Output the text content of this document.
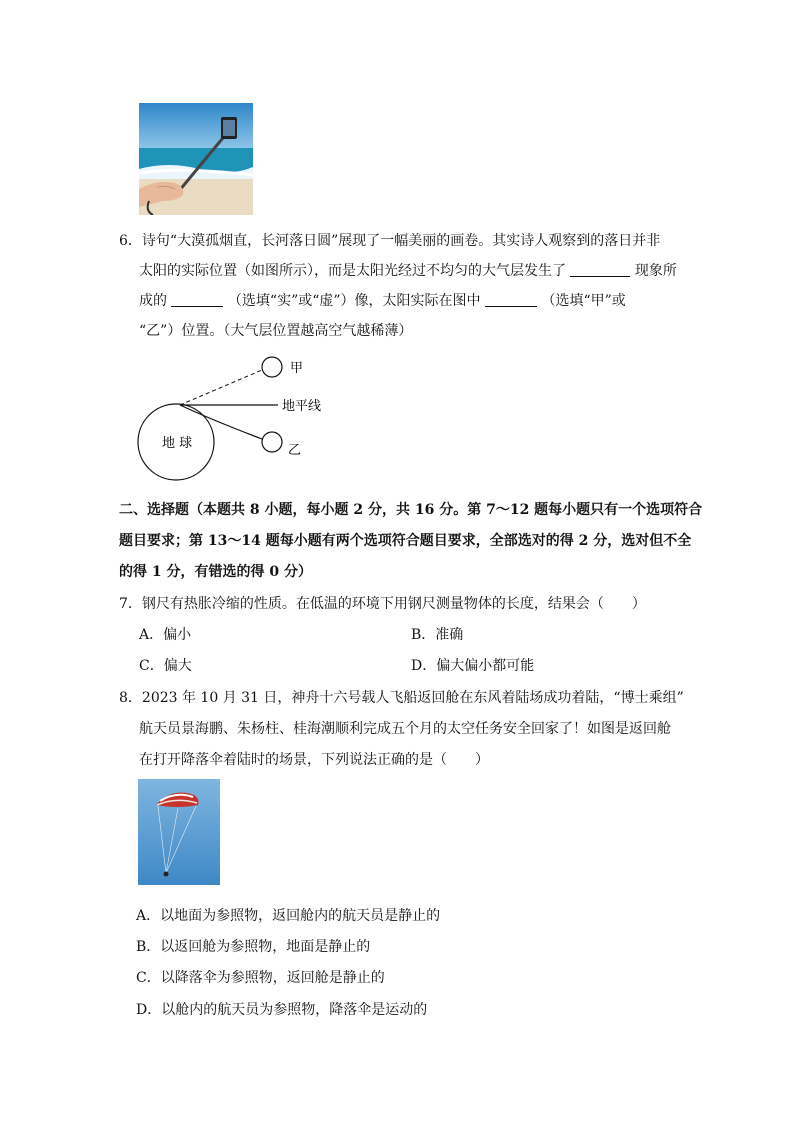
6．诗句“大漠孤烟直，长河落日圆”展现了一幅美丽的画卷。其实诗人观察到的落日并非
太阳的实际位置（如图所示），而是太阳光经过不均匀的大气层发生了	现象所
成的	（选填“实”或“虚”）像，太阳实际在图中	（选填“甲”或
“乙”）位置。（大气层位置越高空气越稀薄）
甲
地平线
乙
地 球
二、选择题（本题共 8 小题，每小题 2 分，共 16 分。第 7～12 题每小题只有一个选项符合
题目要求；第 13～14 题每小题有两个选项符合题目要求，全部选对的得 2 分，选对但不全
的得 1 分，有错选的得 0 分）
7．钢尺有热胀冷缩的性质。在低温的环境下用钢尺测量物体的长度，结果会（　　）
A．偏小	B．准确
C．偏大	D．偏大偏小都可能
8．2023 年 10 月 31 日，神舟十六号载人飞船返回舱在东风着陆场成功着陆，“博士乘组”
航天员景海鹏、朱杨柱、桂海潮顺利完成五个月的太空任务安全回家了！如图是返回舱
在打开降落伞着陆时的场景，下列说法正确的是（　　）
A．以地面为参照物，返回舱内的航天员是静止的
B．以返回舱为参照物，地面是静止的
C．以降落伞为参照物，返回舱是静止的
D．以舱内的航天员为参照物，降落伞是运动的
